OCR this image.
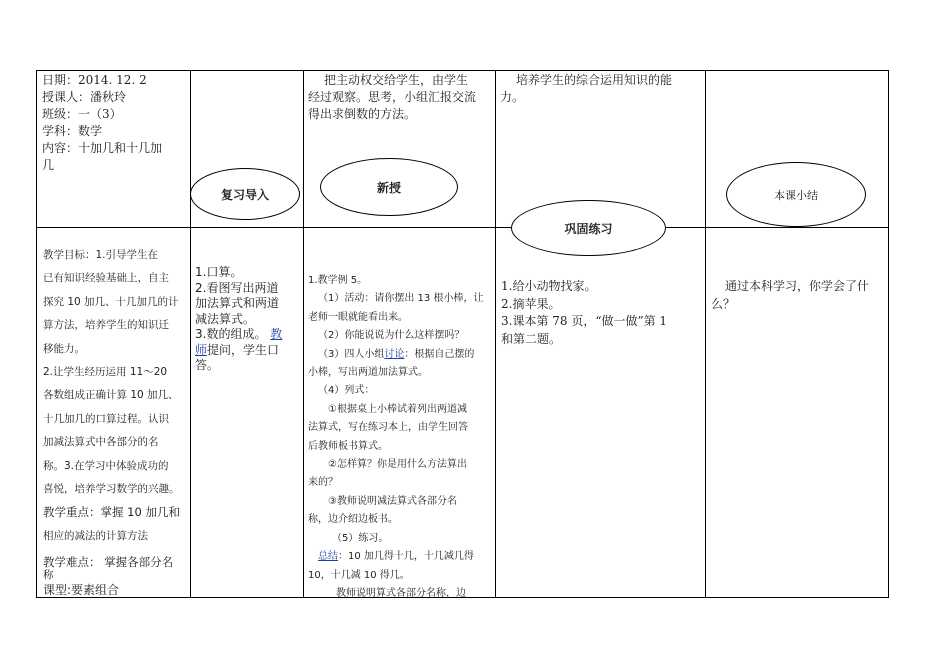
日期：2014. 12. 2
授课人：潘秋玲
班级：一（3）
学科：数学
内容：十加几和十几加
几
把主动权交给学生，由学生
经过观察。思考，小组汇报交流
得出求倒数的方法。
培养学生的综合运用知识的能
力。
复习导入	新授
巩固练习
本课小结
教学目标：1.引导学生在
已有知识经验基础上，自主
探究 10 加几、十几加几的计
算方法，培养学生的知识迁
移能力。
2.让学生经历运用 11～20
各数组成正确计算 10 加几、
十几加几的口算过程。认识
加减法算式中各部分的名
称。3.在学习中体验成功的
喜悦，培养学习数学的兴趣。
教学重点：掌握 10 加几和
相应的减法的计算方法
教学难点： 掌握各部分名
称
课型:要素组合
1.口算。
2.看图写出两道
加法算式和两道
减法算式。
3.数的组成。 教
师提问，学生口
答。
1.教学例 5。
（1）活动：请你摆出 13 根小棒，让
老师一眼就能看出来。
（2）你能说说为什么这样摆吗？
（3）四人小组讨论：根据自己摆的
小棒，写出两道加法算式。
（4）列式：
①根据桌上小棒试着列出两道减
法算式，写在练习本上，由学生回答
后教师板书算式。
②怎样算？你是用什么方法算出
来的？
③教师说明减法算式各部分名
称，边介绍边板书。
（5）练习。
总结：10 加几得十几，十几减几得
10，十几减 10 得几。
教师说明算式各部分名称，边
1.给小动物找家。
2.摘苹果。
3.课本第 78 页，“做一做”第 1
和第二题。
通过本科学习，你学会了什
么？
